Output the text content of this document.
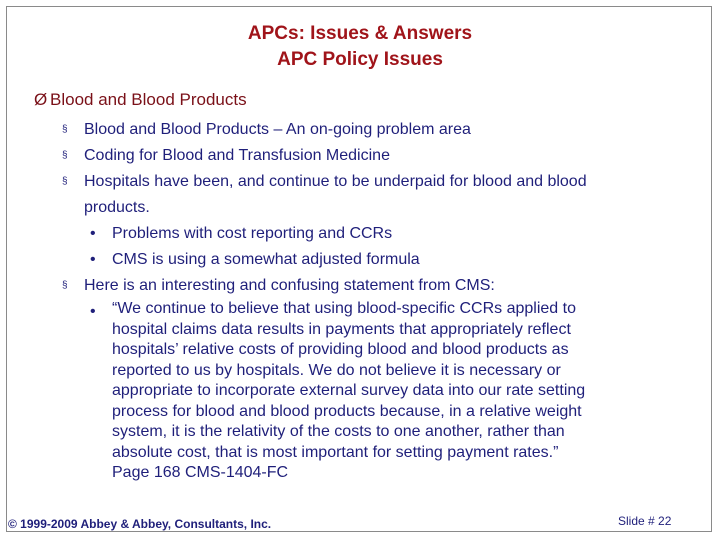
APCs: Issues & Answers
APC Policy Issues
Ø Blood and Blood Products
§ Blood and Blood Products – An on-going problem area
§ Coding for Blood and Transfusion Medicine
§ Hospitals have been, and continue to be underpaid for blood and blood
products.
• Problems with cost reporting and CCRs
• CMS is using a somewhat adjusted formula
§ Here is an interesting and confusing statement from CMS:
• “We continue to believe that using blood-specific CCRs applied to
hospital claims data results in payments that appropriately reflect
hospitals’ relative costs of providing blood and blood products as
reported to us by hospitals. We do not believe it is necessary or
appropriate to incorporate external survey data into our rate setting
process for blood and blood products because, in a relative weight
system, it is the relativity of the costs to one another, rather than
absolute cost, that is most important for setting payment rates.”
Page 168 CMS-1404-FC
© 1999-2009 Abbey & Abbey, Consultants, Inc.	Slide # 22
